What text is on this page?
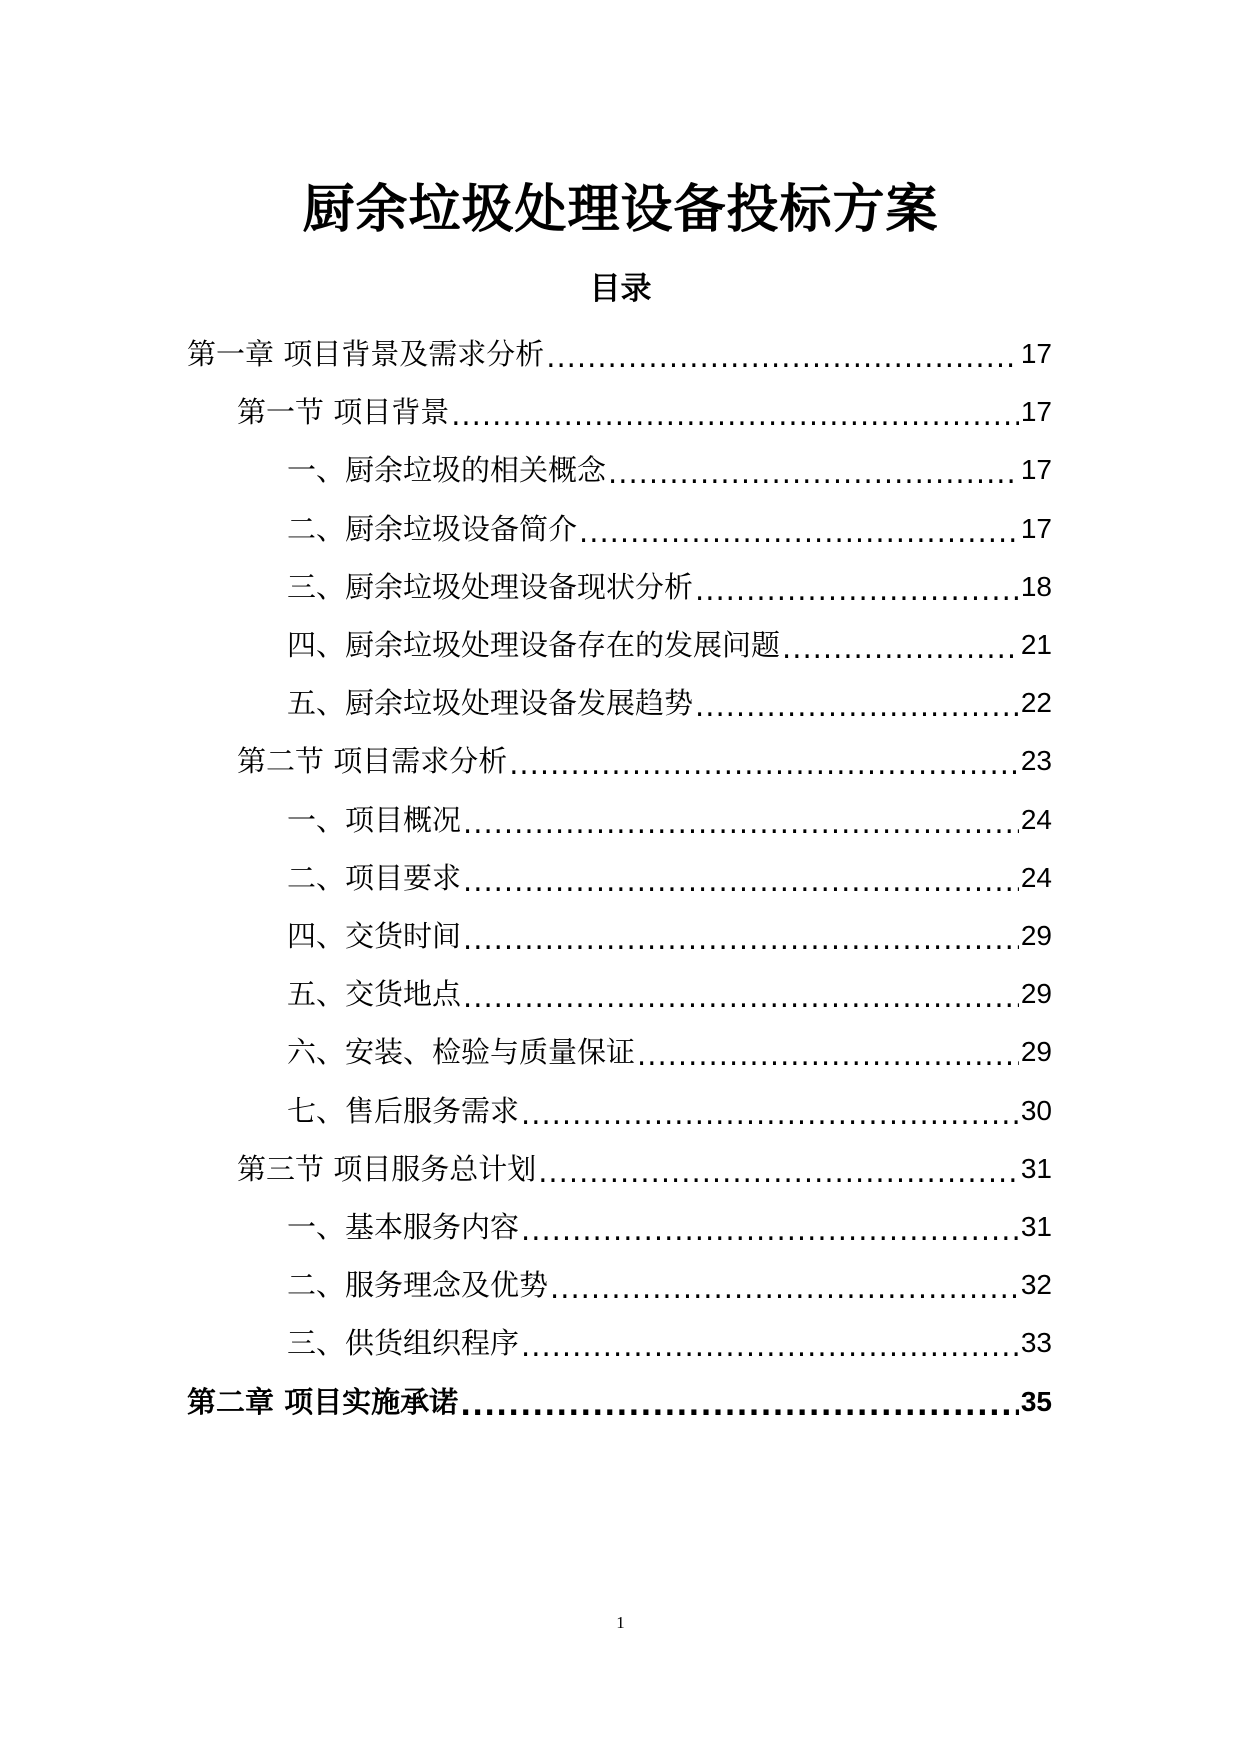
厨余垃圾处理设备投标方案
目录
第一章 项目背景及需求分析 .....	17
第一节 项目背景 .....	17
一、厨余垃圾的相关概念 .....	17
二、厨余垃圾设备简介 .....	17
三、厨余垃圾处理设备现状分析 .....	18
四、厨余垃圾处理设备存在的发展问题 .....	21
五、厨余垃圾处理设备发展趋势 .....	22
第二节 项目需求分析 .....	23
一、项目概况 .....	24
二、项目要求 .....	24
四、交货时间 .....	29
五、交货地点 .....	29
六、安装、检验与质量保证 .....	29
七、售后服务需求 .....	30
第三节 项目服务总计划 .....	31
一、基本服务内容 .....	31
二、服务理念及优势 .....	32
三、供货组织程序 .....	33
第二章 项目实施承诺 .....	35
1
